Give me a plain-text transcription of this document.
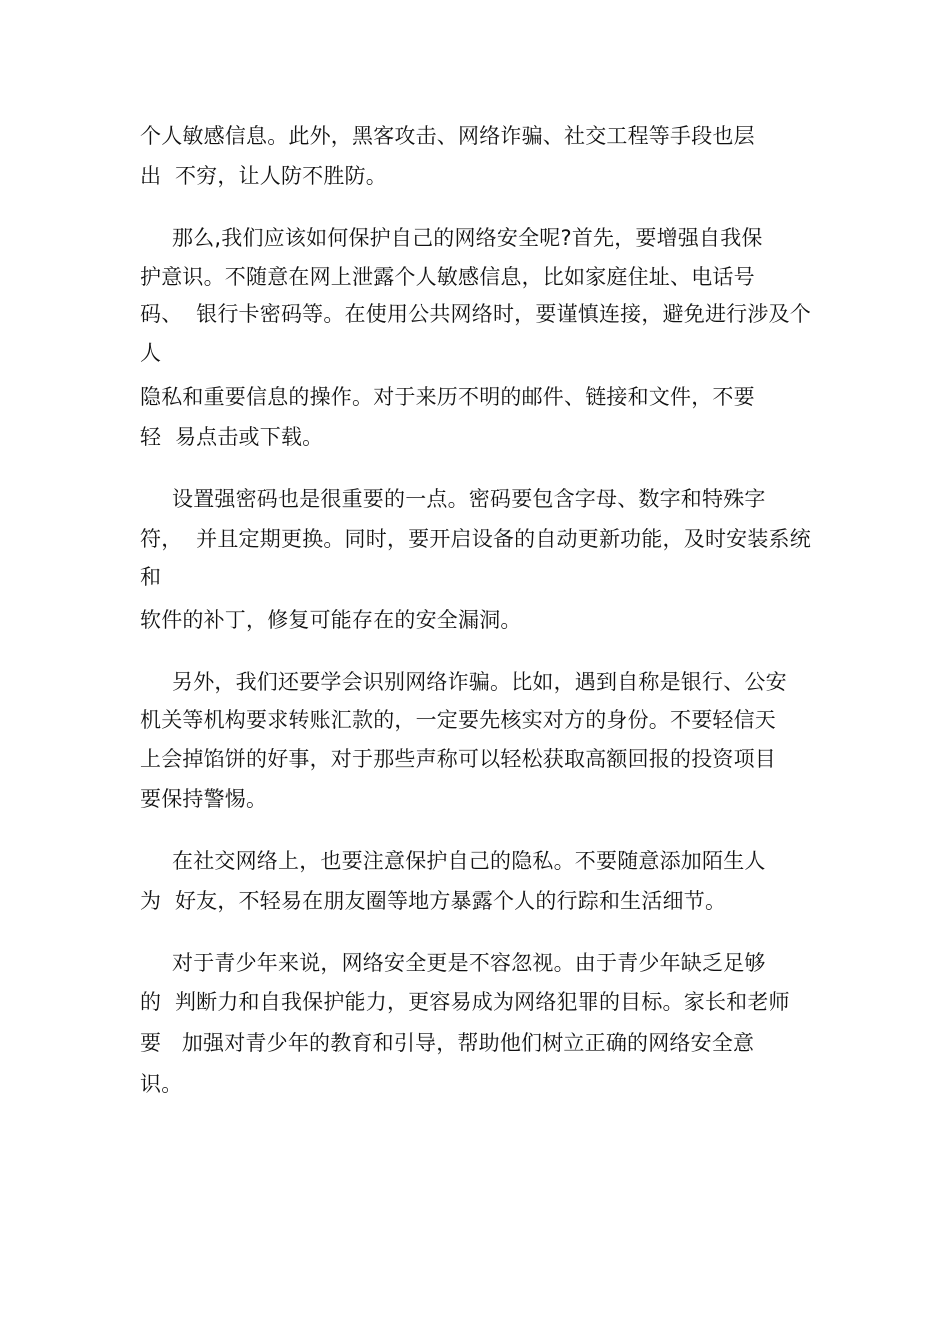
个人敏感信息。此外，黑客攻击、网络诈骗、社交工程等手段也层
出  不穷，让人防不胜防。
那么,我们应该如何保护自己的网络安全呢?首先，要增强自我保
护意识。不随意在网上泄露个人敏感信息，比如家庭住址、电话号
码、  银行卡密码等。在使用公共网络时，要谨慎连接，避免进行涉及个
人
隐私和重要信息的操作。对于来历不明的邮件、链接和文件，不要
轻  易点击或下载。
设置强密码也是很重要的一点。密码要包含字母、数字和特殊字
符，  并且定期更换。同时，要开启设备的自动更新功能，及时安装系统
和
软件的补丁，修复可能存在的安全漏洞。
另外，我们还要学会识别网络诈骗。比如，遇到自称是银行、公安
机关等机构要求转账汇款的，一定要先核实对方的身份。不要轻信天
上会掉馅饼的好事，对于那些声称可以轻松获取高额回报的投资项目
要保持警惕。
在社交网络上，也要注意保护自己的隐私。不要随意添加陌生人
为  好友，不轻易在朋友圈等地方暴露个人的行踪和生活细节。
对于青少年来说，网络安全更是不容忽视。由于青少年缺乏足够
的  判断力和自我保护能力，更容易成为网络犯罪的目标。家长和老师
要   加强对青少年的教育和引导，帮助他们树立正确的网络安全意
识。
